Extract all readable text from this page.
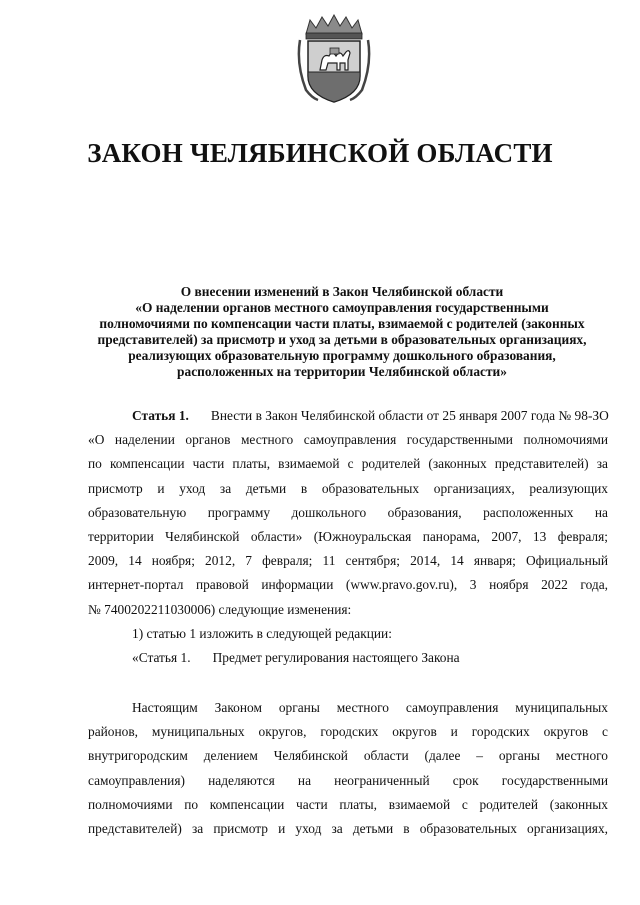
ЗАКОН ЧЕЛЯБИНСКОЙ ОБЛАСТИ
О внесении изменений в Закон Челябинской области
«О наделении органов местного самоуправления государственными
полномочиями по компенсации части платы, взимаемой с родителей (законных
представителей) за присмотр и уход за детьми в образовательных организациях,
реализующих образовательную программу дошкольного образования,
расположенных на территории Челябинской области»
Статья 1. Внести в Закон Челябинской области от 25 января 2007 года № 98-ЗО
«О наделении органов местного самоуправления государственными полномочиями
по компенсации части платы, взимаемой с родителей (законных представителей) за
присмотр и уход за детьми в образовательных организациях, реализующих
образовательную программу дошкольного образования, расположенных на
территории Челябинской области» (Южноуральская панорама, 2007, 13 февраля;
2009, 14 ноября; 2012, 7 февраля; 11 сентября; 2014, 14 января; Официальный
интернет-портал правовой информации (www.pravo.gov.ru), 3 ноября 2022 года,
№ 7400202211030006) следующие изменения:
1) статью 1 изложить в следующей редакции:
«Статья 1. Предмет регулирования настоящего Закона
Настоящим Законом органы местного самоуправления муниципальных
районов, муниципальных округов, городских округов и городских округов с
внутригородским делением Челябинской области (далее – органы местного
самоуправления) наделяются на неограниченный срок государственными
полномочиями по компенсации части платы, взимаемой с родителей (законных
представителей) за присмотр и уход за детьми в образовательных организациях,
